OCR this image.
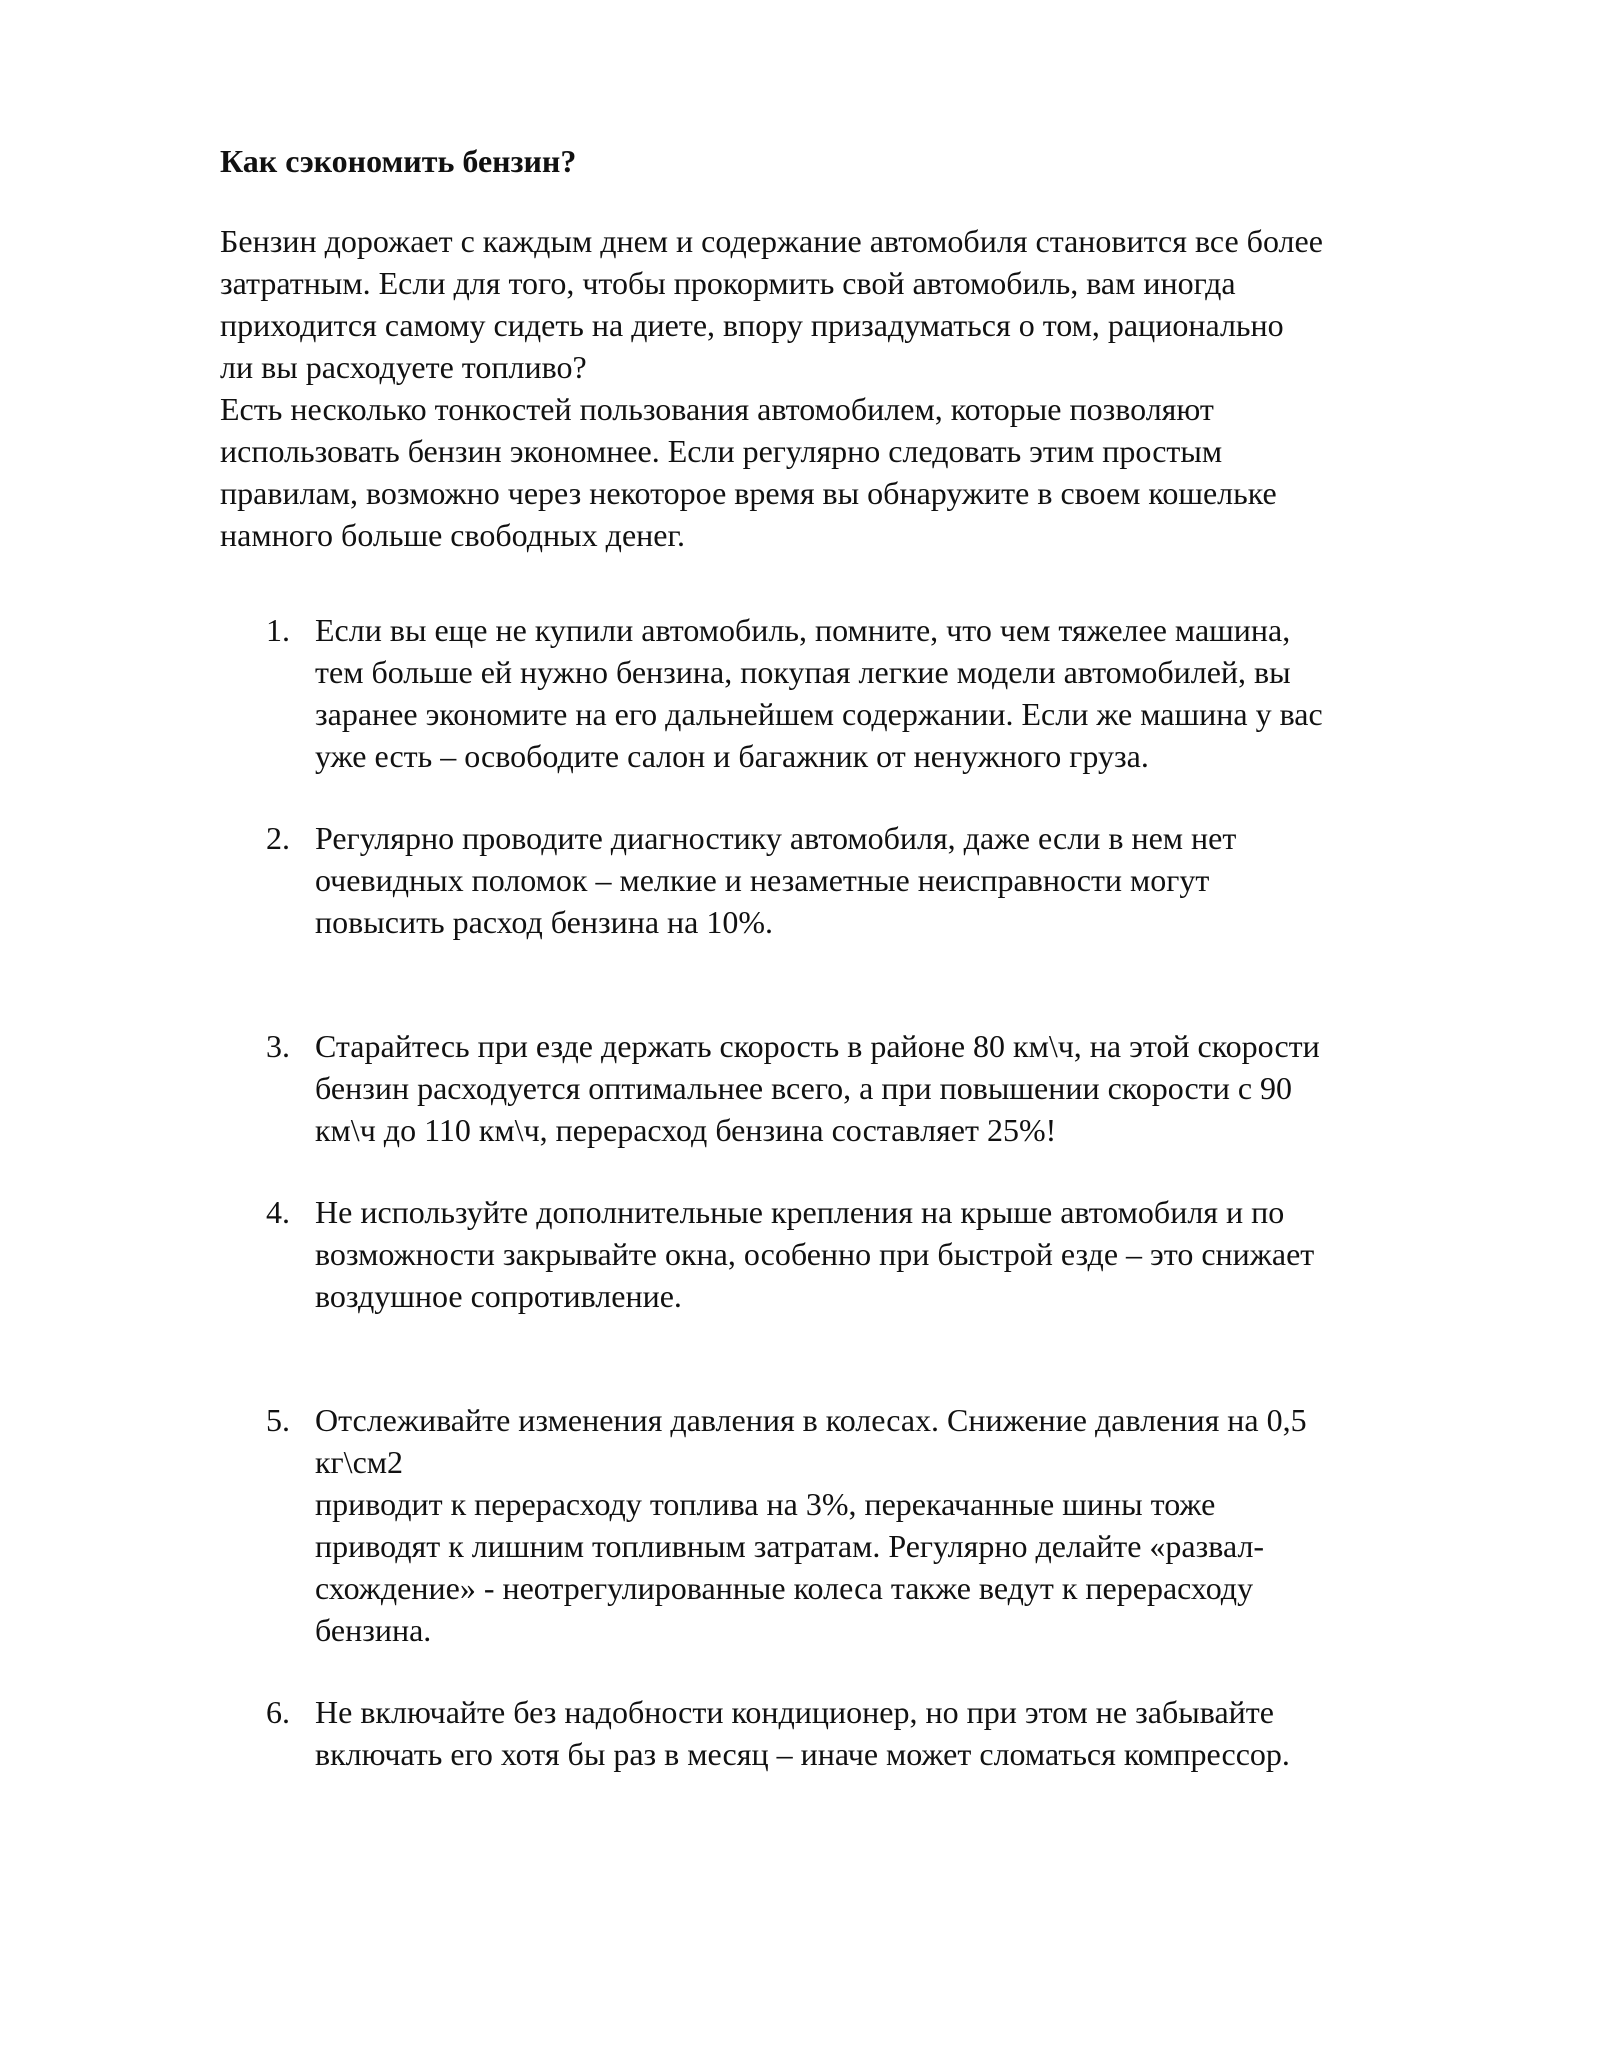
Как сэкономить бензин?
Бензин дорожает с каждым днем и содержание автомобиля становится все более
затратным. Если для того, чтобы прокормить свой автомобиль, вам иногда
приходится самому сидеть на диете, впору призадуматься о том, рационально
ли вы расходуете топливо?
Есть несколько тонкостей пользования автомобилем, которые позволяют
использовать бензин экономнее. Если регулярно следовать этим простым
правилам, возможно через некоторое время вы обнаружите в своем кошельке
намного больше свободных денег.
1. Если вы еще не купили автомобиль, помните, что чем тяжелее машина,
тем больше ей нужно бензина, покупая легкие модели автомобилей, вы
заранее экономите на его дальнейшем содержании. Если же машина у вас
уже есть – освободите салон и багажник от ненужного груза.
2. Регулярно проводите диагностику автомобиля, даже если в нем нет
очевидных поломок – мелкие и незаметные неисправности могут
повысить расход бензина на 10%.
3. Старайтесь при езде держать скорость в районе 80 км\ч, на этой скорости
бензин расходуется оптимальнее всего, а при повышении скорости с 90
км\ч до 110 км\ч, перерасход бензина составляет 25%!
4. Не используйте дополнительные крепления на крыше автомобиля и по
возможности закрывайте окна, особенно при быстрой езде – это снижает
воздушное сопротивление.
5. Отслеживайте изменения давления в колесах. Снижение давления на 0,5
кг\см2
приводит к перерасходу топлива на 3%, перекачанные шины тоже
приводят к лишним топливным затратам. Регулярно делайте «развал-
схождение» - неотрегулированные колеса также ведут к перерасходу
бензина.
6. Не включайте без надобности кондиционер, но при этом не забывайте
включать его хотя бы раз в месяц – иначе может сломаться компрессор.
